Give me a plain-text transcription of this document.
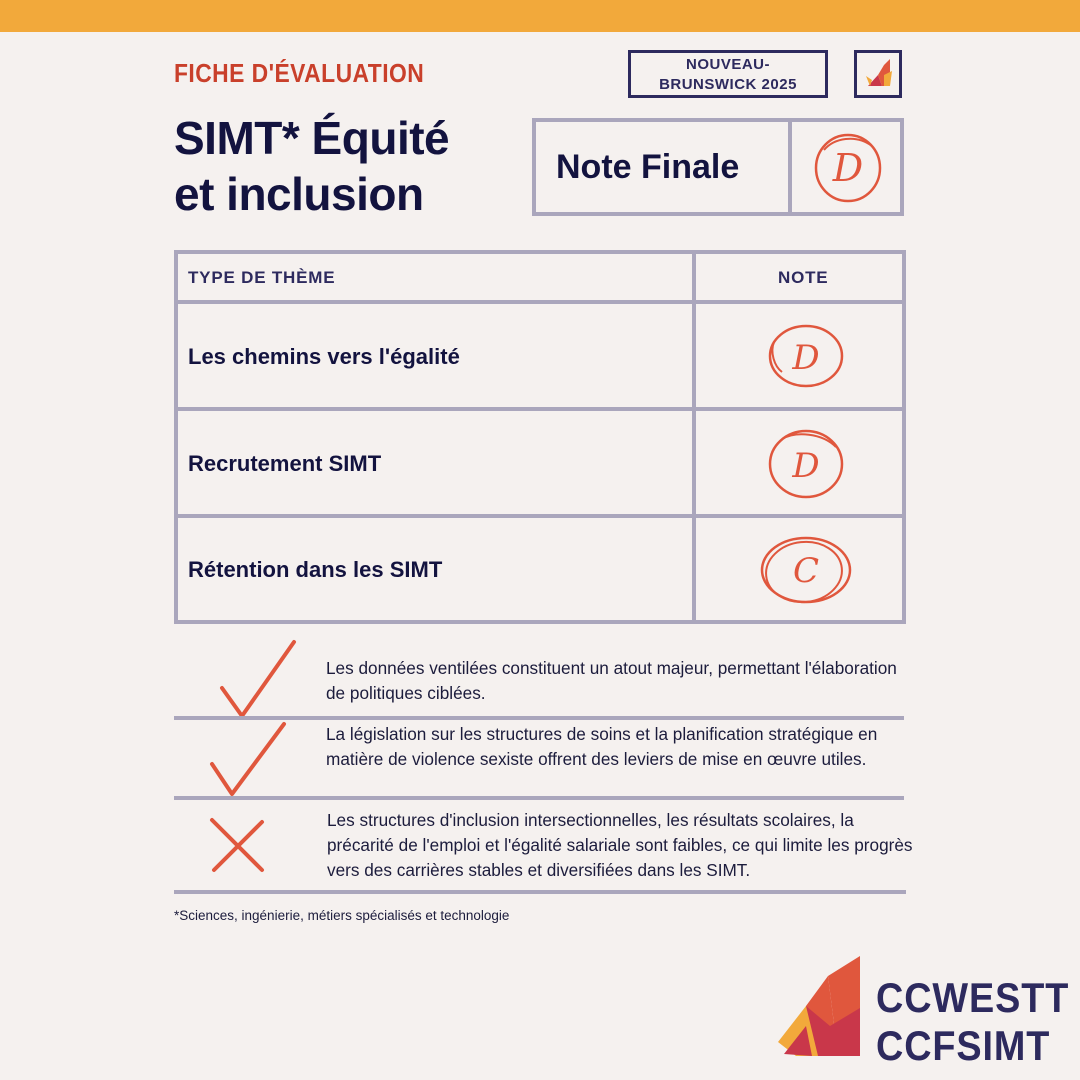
FICHE D'ÉVALUATION
SIMT* Équité
et inclusion
NOUVEAU-
BRUNSWICK 2025
Note Finale D
TYPE DE THÈME	NOTE
Les chemins vers l'égalité	D
Recrutement SIMT	D
Rétention dans les SIMT	C
Les données ventilées constituent un atout majeur, permettant l'élaboration de politiques ciblées.
La législation sur les structures de soins et la planification stratégique en matière de violence sexiste offrent des leviers de mise en œuvre utiles.
Les structures d'inclusion intersectionnelles, les résultats scolaires, la précarité de l'emploi et l'égalité salariale sont faibles, ce qui limite les progrès vers des carrières stables et diversifiées dans les SIMT.
*Sciences, ingénierie, métiers spécialisés et technologie
CCWESTT
CCFSIMT
